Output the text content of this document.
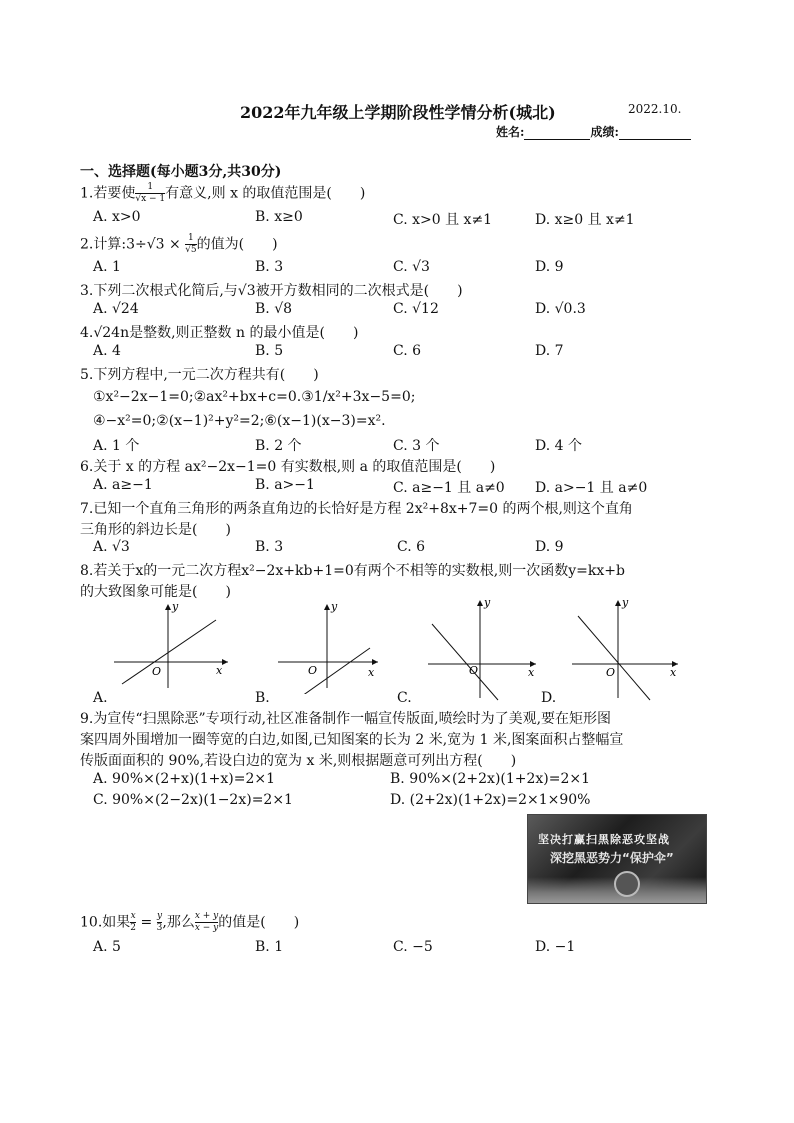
2022年九年级上学期阶段性学情分析(城北)	2022.10.
姓名:	成绩:
一、选择题(每小题3分,共30分)
1.若要使 $\frac{1}{√x - 1}$ 有意义,则 x 的取值范围是(　　)
A. x>0	B. x≥0	C. x>0 且 x≠1	D. x≥0 且 x≠1
2.计算:3÷√3 × $\frac{1}{√5}$ 的值为(　　)
A. 1	B. 3	C. √3	D. 9
3.下列二次根式化简后,与√3被开方数相同的二次根式是(　　)
A. √24	B. √8	C. √12	D. √0.3
4.√24n是整数,则正整数 n 的最小值是(　　)
A. 4	B. 5	C. 6	D. 7
5.下列方程中,一元二次方程共有(　　)
①x²−2x−1=0;②ax²+bx+c=0.③1/x²+3x−5=0;
④−x²=0;②(x−1)²+y²=2;⑥(x−1)(x−3)=x².
A. 1 个	B. 2 个	C. 3 个	D. 4 个
6.关于 x 的方程 ax²−2x−1=0 有实数根,则 a 的取值范围是(　　)
A. a≥−1	B. a>−1	C. a≥−1 且 a≠0 D. a>−1 且 a≠0
7.已知一个直角三角形的两条直角边的长恰好是方程 2x²+8x+7=0 的两个根,则这个直角
三角形的斜边长是(　　)
A. √3	B. 3	C. 6	D. 9
8.若关于x的一元二次方程x²−2x+kb+1=0有两个不相等的实数根,则一次函数y=kx+b
的大致图象可能是(　　)
x
y
O
A.
x
y
O
B.
x
y
O
C.
x
y
O
D.
9.为宣传“扫黑除恶”专项行动,社区准备制作一幅宣传版面,喷绘时为了美观,要在矩形图
案四周外围增加一圈等宽的白边,如图,已知图案的长为 2 米,宽为 1 米,图案面积占整幅宣
传版面面积的 90%,若设白边的宽为 x 米,则根据题意可列出方程(　　)
A. 90%×(2+x)(1+x)=2×1	B. 90%×(2+2x)(1+2x)=2×1
C. 90%×(2−2x)(1−2x)=2×1	D. (2+2x)(1+2x)=2×1×90%
坚决打赢扫黑除恶攻坚战
深挖黑恶势力“保护伞”
10.如果 $\frac{x}{2} = \frac{y}{3}$ ,那么 $\frac{x + y}{x - y}$ 的值是(　　)
A. 5	B. 1	C. −5	D. −1
